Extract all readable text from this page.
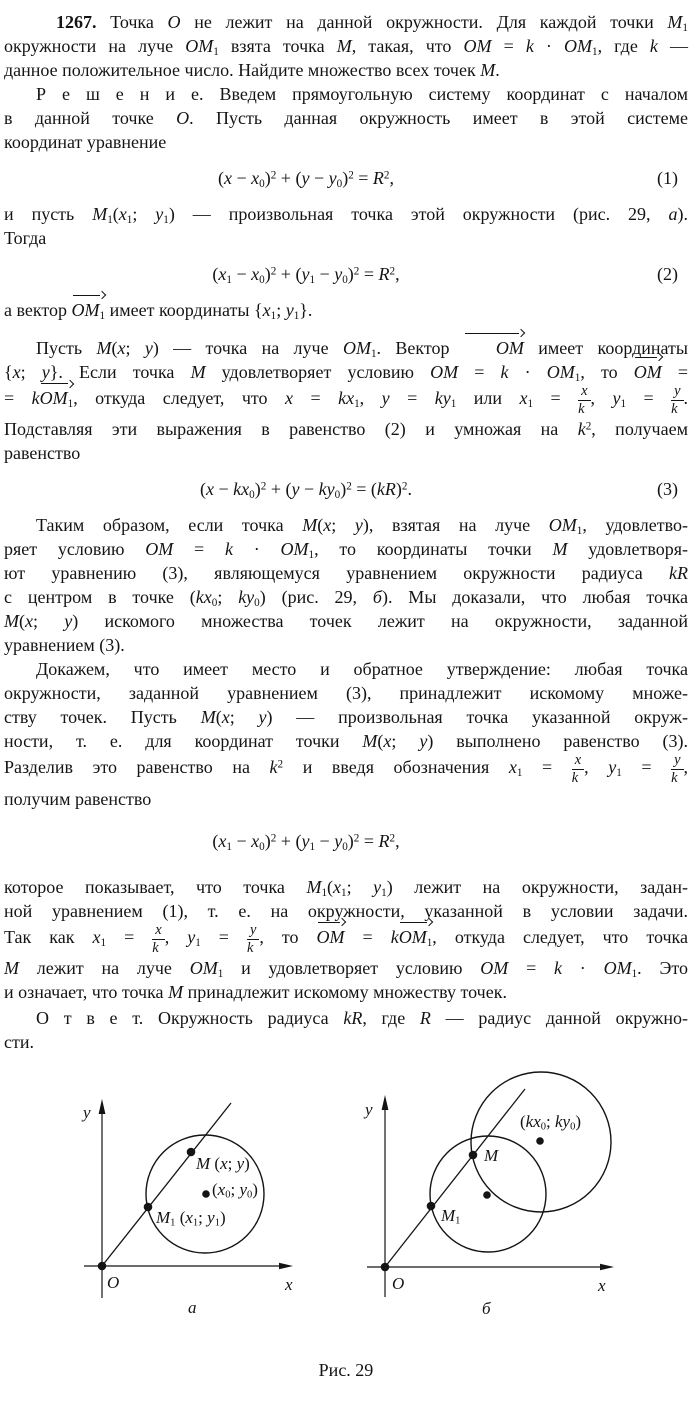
1267. Точка O не лежит на данной окружности. Для каждой точки $M_1$
окружности на луче $OM_1$ взята точка M, такая, что OM = $k \cdot OM_1$, где k —
данное положительное число. Найдите множество всех точек M.

Р е ш е н и е. Введем прямоугольную систему координат с началом
в данной точке O. Пусть данная окружность имеет в этой системе
координат уравнение

$(x - x_0)^2 + (y - y_0)^2 = R^2$,	(1)

и пусть $M_1(x_1$; $y_1$) — произвольная точка этой окружности (рис. 29, а).
Тогда

$(x_1 - x_0)^2 + (y_1 - y_0)^2 = R^2$,	(2)

а вектор $OM_1$ имеет координаты {$x_1$; $y_1$}.

Пусть M(x; y) — точка на луче $OM_1$. Вектор OM имеет координаты
{x; y}. Если точка M удовлетворяет условию OM = $k \cdot OM_1$, то OM =
= kOM$_1$, откуда следует, что $x = kx_1$, $y = ky_1$ или $x_1 = \frac{x}{k}$ , $y_1 = \frac{y}{k}$ .
Подставляя эти выражения в равенство (2) и умножая на $k^2$, получаем
равенство

$(x - kx_0)^2 + (y - ky_0)^2 = (kR)^2$.	(3)

Таким образом, если точка M(x; y), взятая на луче $OM_1$, удовлетво-
ряет условию OM = $k \cdot OM_1$, то координаты точки M удовлетворя-
ют уравнению (3), являющемуся уравнением окружности радиуса kR
с центром в точке ($kx_0$; $ky_0$) (рис. 29, б). Мы доказали, что любая точка
M(x; y) искомого множества точек лежит на окружности, заданной
уравнением (3).

Докажем, что имеет место и обратное утверждение: любая точка
окружности, заданной уравнением (3), принадлежит искомому множе-
ству точек. Пусть M(x; y) — произвольная точка указанной окруж-
ности, т. е. для координат точки M(x; y) выполнено равенство (3).
Разделив это равенство на $k^2$ и введя обозначения $x_1 = \frac{x}{k}$ , $y_1 = \frac{y}{k}$ ,
получим равенство

$(x_1 - x_0)^2 + (y_1 - y_0)^2 = R^2$,

которое показывает, что точка $M_1(x_1$; $y_1$) лежит на окружности, задан-
ной уравнением (1), т. е. на окружности, указанной в условии задачи.
Так как $x_1 = \frac{x}{k}$ , $y_1 = \frac{y}{k}$ , то OM = kOM$_1$, откуда следует, что точка
M лежит на луче $OM_1$ и удовлетворяет условию OM = $k \cdot OM_1$. Это
и означает, что точка M принадлежит искомому множеству точек.

О т в е т. Окружность радиуса kR, где R — радиус данной окружно-
сти.

y
x
O
M (x; y)
$M_1$ ($x_1$; $y_1$)
($x_0$; $y_0$)
а
y
x
O
M
$M_1$
($kx_0$; $ky_0$)
б
Рис. 29
